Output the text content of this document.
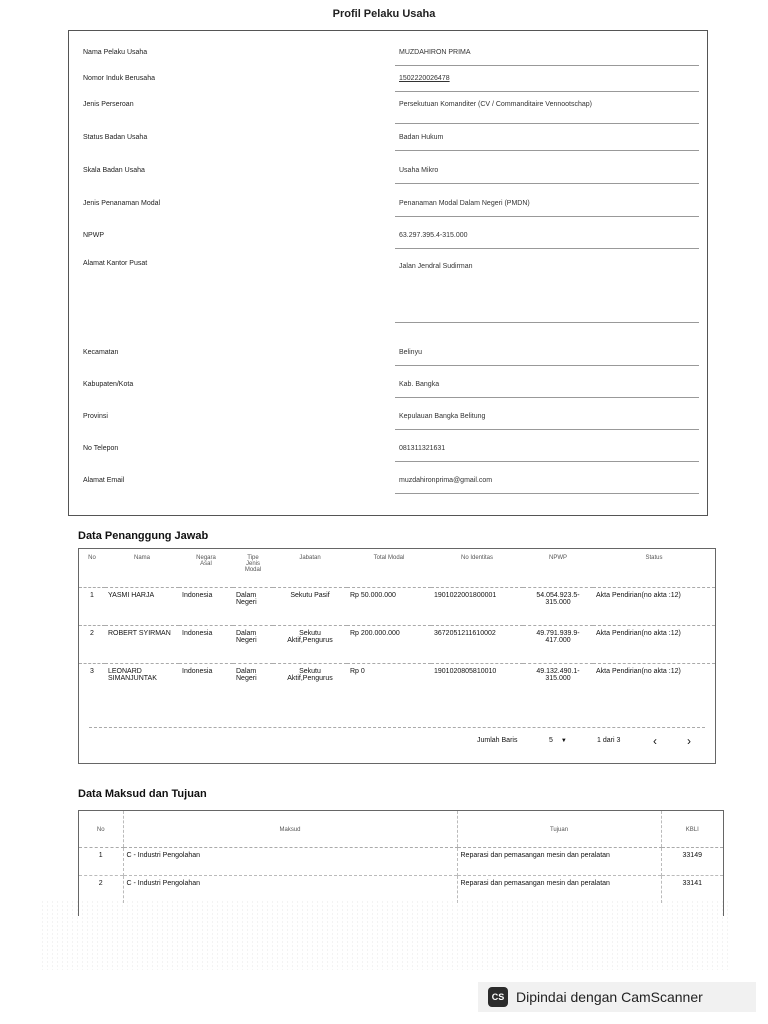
Profil Pelaku Usaha
Nama Pelaku Usaha	MUZDAHIRON PRIMA
Nomor Induk Berusaha	1502220026478
Jenis Perseroan	Persekutuan Komanditer (CV / Commanditaire Vennootschap)
Status Badan Usaha	Badan Hukum
Skala Badan Usaha	Usaha Mikro
Jenis Penanaman Modal	Penanaman Modal Dalam Negeri (PMDN)
NPWP	63.297.395.4-315.000
Alamat Kantor Pusat	Jalan Jendral Sudirman
Kecamatan	Belinyu
Kabupaten/Kota	Kab. Bangka
Provinsi	Kepulauan Bangka Belitung
No Telepon	081311321631
Alamat Email	muzdahironprima@gmail.com
Data Penanggung Jawab
No	Nama	Negara Asal	Tipe Jenis Modal	Jabatan	Total Modal	No Identitas	NPWP	Status
1	YASMI HARJA	Indonesia	Dalam Negeri	Sekutu Pasif	Rp 50.000.000	1901022001800001	54.054.923.5-315.000	Akta Pendirian(no akta :12)
2	ROBERT SYIRMAN	Indonesia	Dalam Negeri	Sekutu Aktif,Pengurus	Rp 200.000.000	3672051211610002	49.791.939.9-417.000	Akta Pendirian(no akta :12)
3	LEONARD SIMANJUNTAK	Indonesia	Dalam Negeri	Sekutu Aktif,Pengurus	Rp 0	1901020805810010	49.132.490.1-315.000	Akta Pendirian(no akta :12)
Jumlah Baris	5 ▼	1 dari 3	‹	›
Data Maksud dan Tujuan
No	Maksud	Tujuan	KBLI
1	C - Industri Pengolahan	Reparasi dan pemasangan mesin dan peralatan	33149
2	C - Industri Pengolahan	Reparasi dan pemasangan mesin dan peralatan	33141
CS Dipindai dengan CamScanner
